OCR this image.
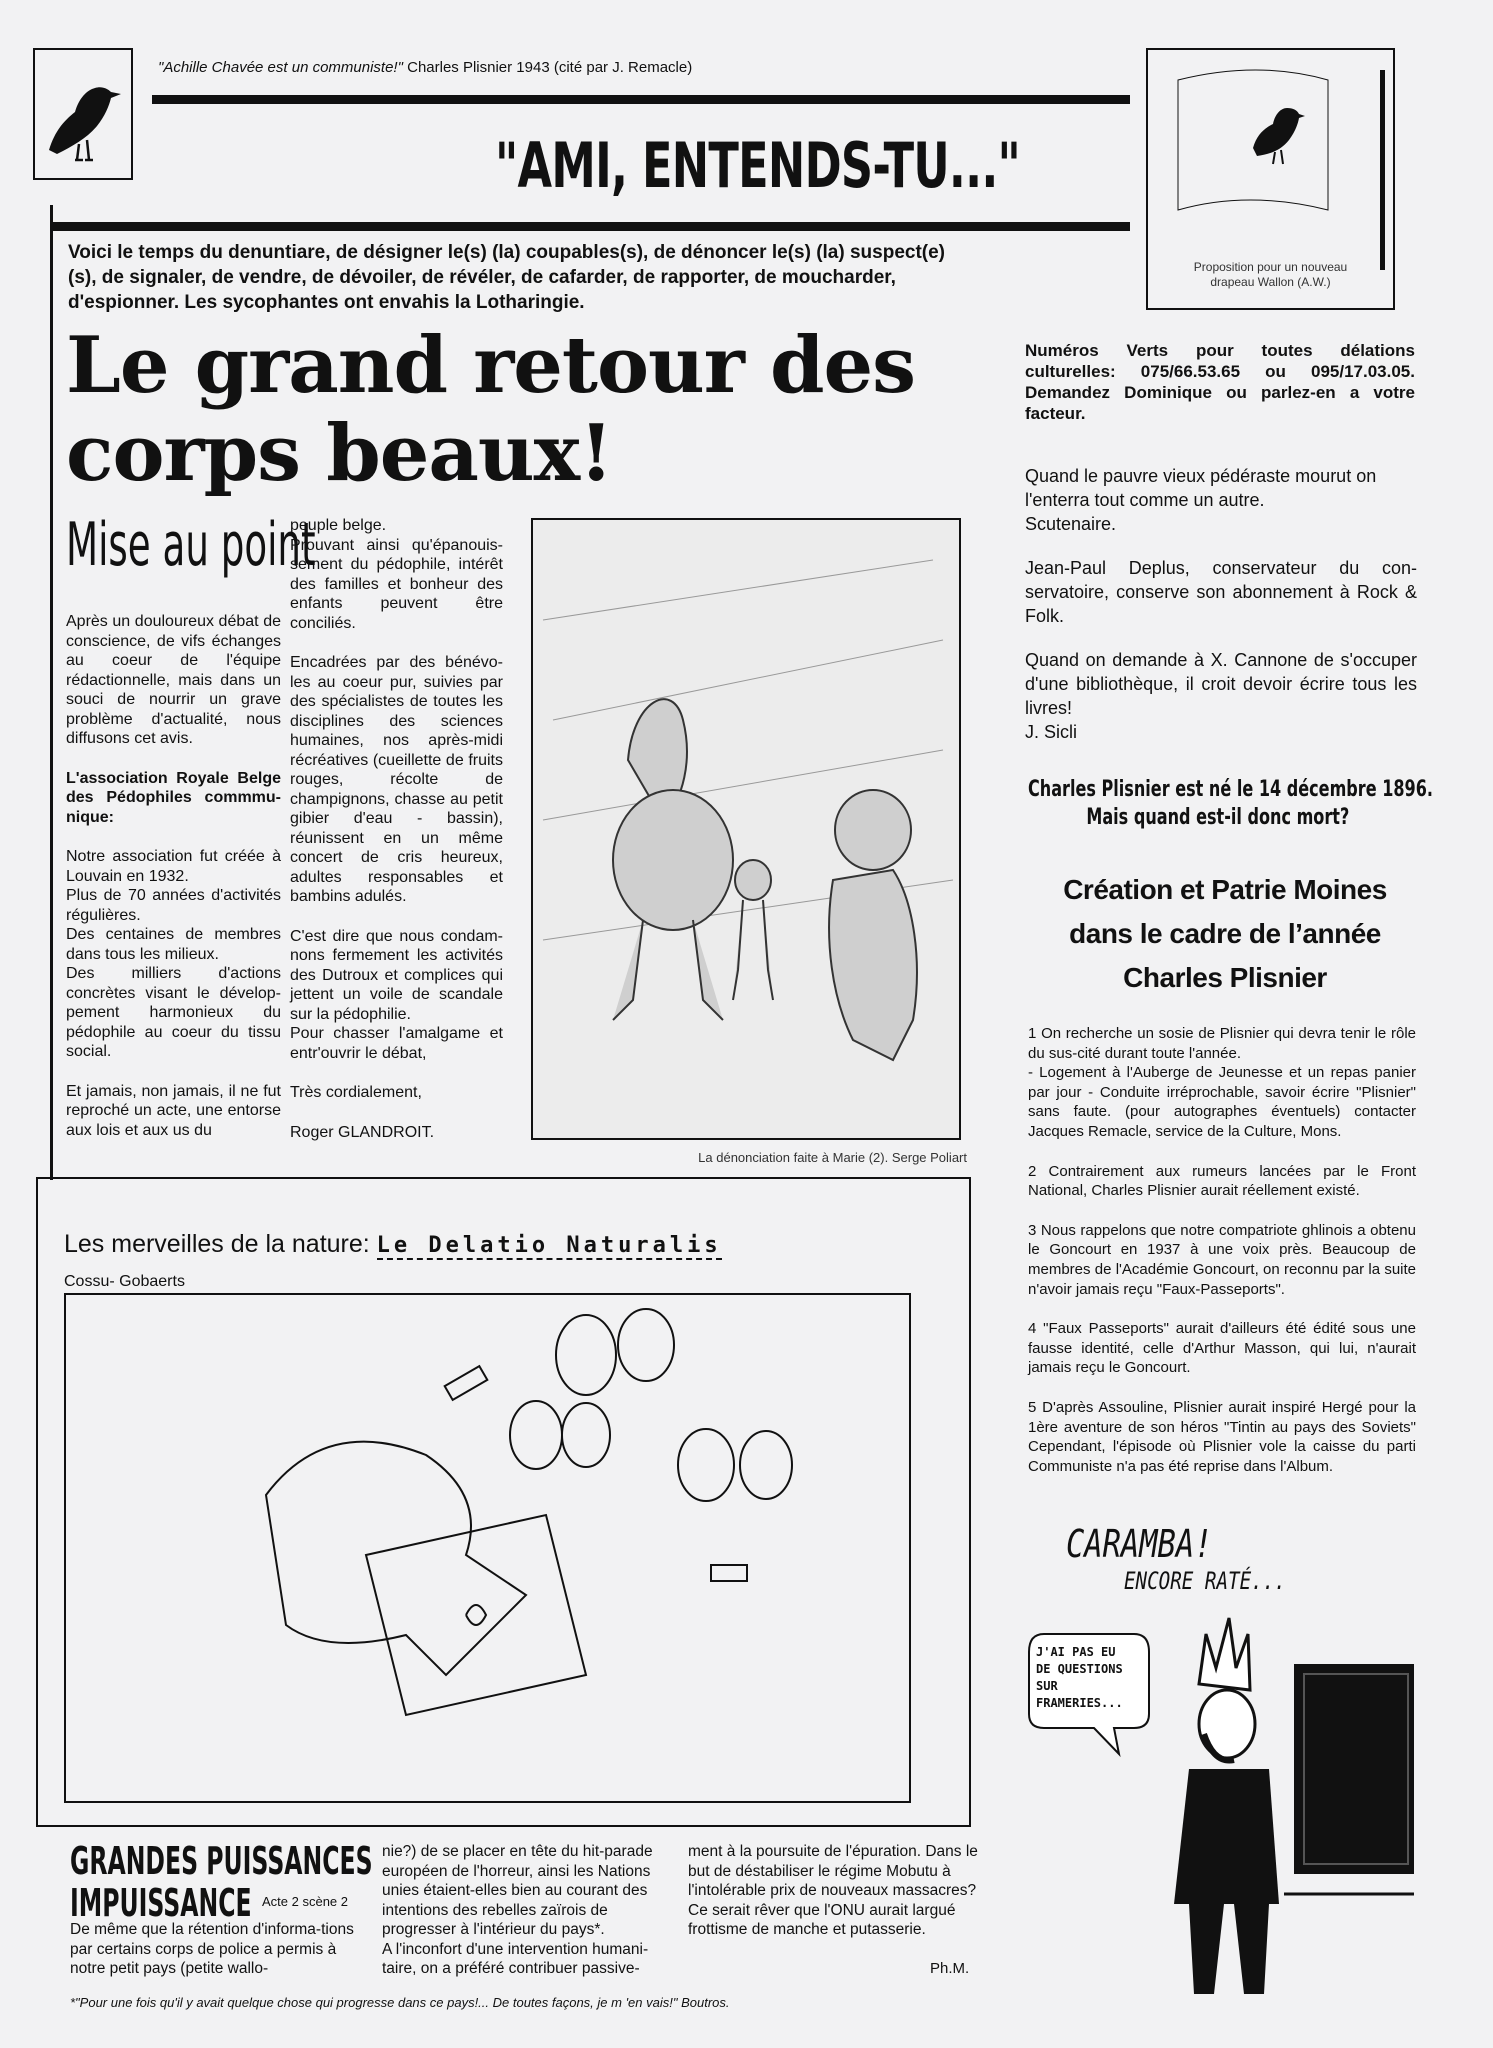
"Achille Chavée est un communiste!" Charles Plisnier 1943 (cité par J. Remacle)
"AMI, ENTENDS-TU..."
Voici le temps du denuntiare, de désigner le(s) (la) coupables(s), de dénoncer le(s) (la) suspect(e)(s), de signaler, de vendre, de dévoiler, de révéler, de cafarder, de rapporter, de moucharder, d'espionner. Les sycophantes ont envahis la Lotharingie.
Proposition pour un nouveau
drapeau Wallon (A.W.)
Le grand retour des
corps beaux!
Mise au point

Après un douloureux débat de conscience, de vifs échanges au coeur de l'équipe rédactionnelle, mais dans un souci de nourrir un grave problème d'actualité, nous diffusons cet avis.

L'association Royale Belge des Pédophiles commmu-nique:

Notre association fut créée à Louvain en 1932.

Plus de 70 années d'activités régulières.

Des centaines de membres dans tous les milieux.

Des milliers d'actions concrètes visant le dévelop-pement harmonieux du pédophile au coeur du tissu social.

Et jamais, non jamais, il ne fut reproché un acte, une entorse aux lois et aux us du

peuple belge.

Prouvant ainsi qu'épanouis-sement du pédophile, intérêt des familles et bonheur des enfants peuvent être conciliés.

Encadrées par des bénévo-les au coeur pur, suivies par des spécialistes de toutes les disciplines des sciences humaines, nos après-midi récréatives (cueillette de fruits rouges, récolte de champignons, chasse au petit gibier d'eau - bassin), réunissent en un même concert de cris heureux, adultes responsables et bambins adulés.

C'est dire que nous condam-nons fermement les activités des Dutroux et complices qui jettent un voile de scandale sur la pédophilie.

Pour chasser l'amalgame et entr'ouvrir le débat,

Très cordialement,

Roger GLANDROIT.

La dénonciation faite à Marie (2). Serge Poliart
Numéros Verts pour toutes délations culturelles: 075/66.53.65 ou 095/17.03.05. Demandez Dominique ou parlez-en a votre facteur.
Quand le pauvre vieux pédéraste mourut on
l'enterra tout comme un autre.
Scutenaire.
Jean-Paul Deplus, conservateur du con-servatoire, conserve son abonnement à Rock & Folk.
Quand on demande à X. Cannone de s'occuper d'une bibliothèque, il croit devoir écrire tous les livres!
J. Sicli
Charles Plisnier est né le 14 décembre 1896.
Mais quand est-il donc mort?
Création et Patrie Moines
dans le cadre de l’année
Charles Plisnier

1 On recherche un sosie de Plisnier qui devra tenir le rôle du sus-cité durant toute l'année.

- Logement à l'Auberge de Jeunesse et un repas panier par jour - Conduite irréprochable, savoir écrire "Plisnier" sans faute. (pour autographes éventuels) contacter Jacques Remacle, service de la Culture, Mons.

2 Contrairement aux rumeurs lancées par le Front National, Charles Plisnier aurait réellement existé.

3 Nous rappelons que notre compatriote ghlinois a obtenu le Goncourt en 1937 à une voix près. Beaucoup de membres de l'Académie Goncourt, on reconnu par la suite n'avoir jamais reçu "Faux-Passeports".

4 "Faux Passeports" aurait d'ailleurs été édité sous une fausse identité, celle d'Arthur Masson, qui lui, n'aurait jamais reçu le Goncourt.

5 D'après Assouline, Plisnier aurait inspiré Hergé pour la 1ère aventure de son héros "Tintin au pays des Soviets" Cependant, l'épisode où Plisnier vole la caisse du parti Communiste n'a pas été reprise dans l'Album.

CARAMBA!
ENCORE RATÉ...
J'AI PAS EU
DE QUESTIONS
SUR
FRAMERIES...
Les merveilles de la nature: Le Delatio Naturalis
Cossu- Gobaerts
GRANDES PUISSANCES
IMPUISSANCE Acte 2 scène 2
De même que la rétention d'informa-tions par certains corps de police a permis à notre petit pays (petite wallo-
nie?) de se placer en tête du hit-parade européen de l'horreur, ainsi les Nations unies étaient-elles bien au courant des intentions des rebelles zaïrois de progresser à l'intérieur du pays*.
A l'inconfort d'une intervention humani-taire, on a préféré contribuer passive-
ment à la poursuite de l'épuration. Dans le but de déstabiliser le régime Mobutu à l'intolérable prix de nouveaux massacres? Ce serait rêver que l'ONU aurait largué frottisme de manche et putasserie.
Ph.M.
*"Pour une fois qu'il y avait quelque chose qui progresse dans ce pays!... De toutes façons, je m 'en vais!" Boutros.
